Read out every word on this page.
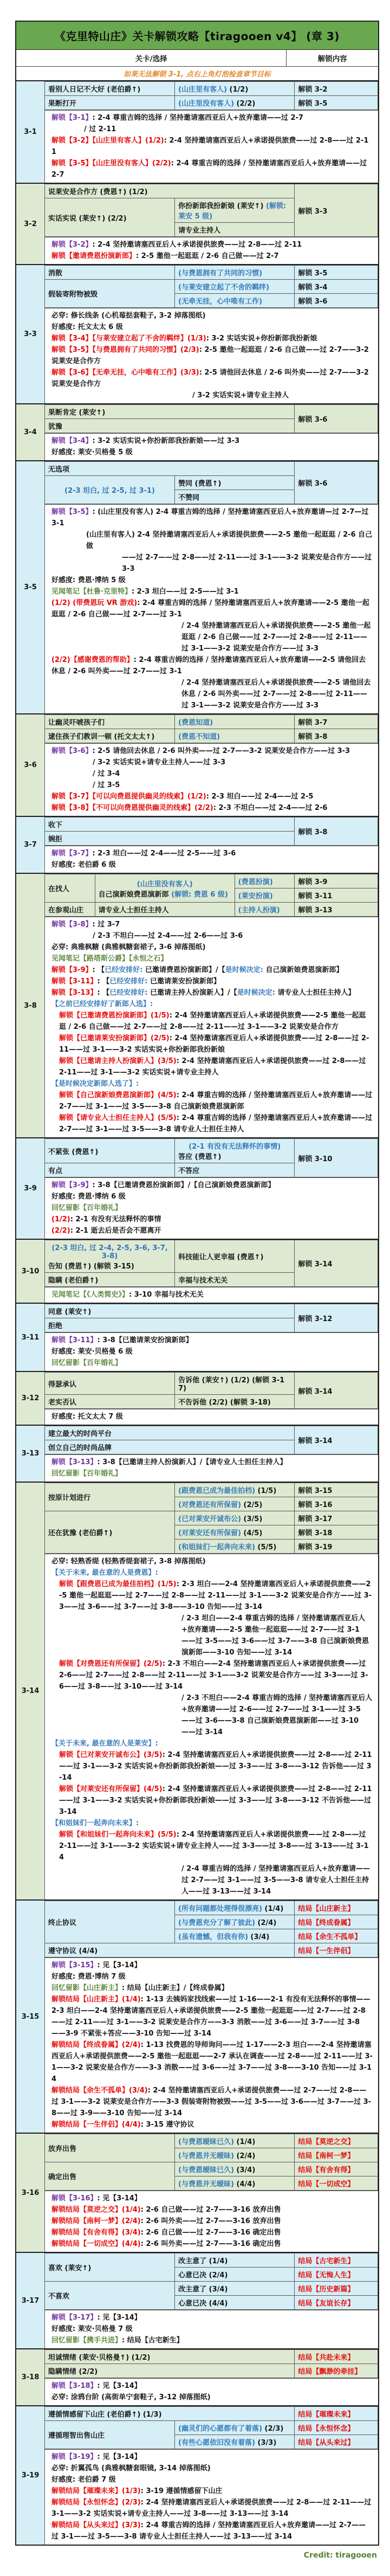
《克里特山庄》关卡解锁攻略【tiragooen v4】 (章 3)
关卡/选择	解锁内容
如果无法解锁 3-1, 点右上角灯泡检查章节目标
3-1
看别人日记不大好 (老伯爵↑)	(山庄里有客人) (1/2)	解锁 3-2
果断打开	(山庄里没有客人) (2/2)	解锁 3-5
解锁【3-1】: 2-4 尊重吉姆的选择 / 坚持邀请塞西亚后人+放弃邀请——过 2-7
/ 过 2-11
解锁【3-2】【山庄里有客人】(1/2): 2-4 坚持邀请塞西亚后人+承诺提供旅费——过 2-8——过 2-11
解锁【3-5】【山庄里没有客人】(2/2): 2-4 尊重吉姆的选择 / 坚持邀请塞西亚后人+放弃邀请——过 2-7
3-2
说莱安是合作方 (费恩↑) (1/2)		解锁 3-3
实话实说 (莱安↑) (2/2)	你扮新郎我扮新娘 (莱安↑) (解锁: 莱安 5 级)	
	请专业主持人	
解锁【3-2】: 2-4 坚持邀请塞西亚后人+承诺提供旅费——过 2-8——过 2-11
解锁【邀请费恩扮演新郎】: 2-5 邀他一起逛逛 / 2-6 自己做——过 2-7
3-3
消散	(与费恩拥有了共同的习惯)	解锁 3-5
假装寄附物被毁	(与莱安建立起了不舍的羁绊)	解锁 3-4
	(无牵无挂，心中唯有工作)	解锁 3-6
必穿: 修长线条 (心机莓挞套鞋子, 3-2 掉落图纸)
好感度: 托文太太 6 级
解锁【3-4】【与莱安建立起了不舍的羁绊】(1/3): 3-2 实话实说+你扮新郎我扮新娘
解锁【3-5】【与费恩拥有了共同的习惯】(2/3): 2-5 邀他一起逛逛 / 2-6 自己做——过 2-7——3-2 说莱安是合作方
解锁【3-6】【无牵无挂，心中唯有工作】(3/3): 2-5 请他回去休息 / 2-6 叫外卖——过 2-7——3-2 说莱安是合作方
/ 3-2 实话实说+请专业主持人
3-4
果断肯定 (莱安↑)	解锁 3-6
犹豫
解锁【3-4】: 3-2 实话实说+你扮新郎我扮新娘——过 3-3
好感度: 莱安·贝格曼 5 级
3-5
无选项		解锁 3-6
(2-3 坦白, 过 2-5, 过 3-1)	赞同 (费恩↑)	
	不赞同	
解锁【3-5】: (山庄里没有客人) 2-4 尊重吉姆的选择 / 坚持邀请塞西亚后人+放弃邀请—过 2-7—过 3-1
(山庄里有客人) 2-4 坚持邀请塞西亚后人+承诺提供旅费——2-5 邀他一起逛逛 / 2-6 自己做
——过 2-7——过 2-8——过 2-11——过 3-1——3-2 说莱安是合作方——过 3-3
好感度: 费恩·博纳 5 级
见闻笔记【杜鲁·克里特】: 2-3 坦白——过 2-5——过 3-1
(1/2) (带费恩玩 VR 游戏): 2-4 尊重吉姆的选择 / 坚持邀请塞西亚后人+放弃邀请——2-5 邀他一起逛逛 / 2-6 自己做——过 2-7——过 3-1
/ 2-4 坚持邀请塞西亚后人+承诺提供旅费——2-5 邀他一起逛逛 / 2-6 自己做——过 2-7——过 2-8——过 2-11——过 3-1——3-2 说莱安是合作方——过 3-3
(2/2)【感谢费恩的帮助】: 2-4 尊重吉姆的选择 / 坚持邀请塞西亚后人+放弃邀请——2-5 请他回去休息 / 2-6 叫外卖——过 2-7——过 3-1
/ 2-4 坚持邀请塞西亚后人+承诺提供旅费——2-5 请他回去休息 / 2-6 叫外卖——过 2-7——过 2-8——过 2-11——过 3-1——3-2 说莱安是合作方——过 3-3
3-6
让幽灵吓唬孩子们	(费恩知道)	解锁 3-7
逮住孩子们教训一顿 (托文太太↑)	(费恩不知道)	解锁 3-8
解锁【3-6】: 2-5 请他回去休息 / 2-6 叫外卖——过 2-7——3-2 说莱安是合作方——过 3-3
/ 3-2 实话实说+请专业主持人——过 3-3
/ 过 3-4
/ 过 3-5
解锁【3-7】【可以向费恩提供幽灵的线索】(1/2): 2-3 坦白——过 2-4——过 2-5
解锁【3-8】【不可以向费恩提供幽灵的线索】(2/2): 2-3 不坦白——过 2-4——过 2-6
3-7
收下	解锁 3-8
婉拒
解锁【3-7】: 2-3 坦白——过 2-4——过 2-5——过 3-6
好感度: 老伯爵 6 级
3-8
在找人	(山庄里没有客人)
自己演新娘费恩演新郎 (解锁: 费恩 6 级)	(费恩扮演)	解锁 3-9
		(莱安扮演)	解锁 3-11
在参观山庄	请专业人士担任主持人	(主持人扮演)	解锁 3-13
解锁【3-8】: 过 3-7
/ 2-3 不坦白——过 2-4——过 2-6——过 3-6
必穿: 典雅枫糖 (典雅枫糖套裙子, 3-6 掉落图纸)
见闻笔记【路塔斯公爵】【永恒之石】
解锁【3-9】: 【已经安排好: 已邀请费恩扮演新郎】/【是时候决定: 自己演新娘费恩演新郎】
解锁【3-11】: 【已经安排好: 已邀请莱安扮演新郎】
解锁【3-13】: 【已经安排好: 已邀请主持人扮演新人】/【是时候决定: 请专业人士担任主持人】
【之前已经安排好了新郎人选】:
解锁【已邀请费恩扮演新郎】(1/5): 2-4 坚持邀请塞西亚后人+承诺提供旅费——2-5 邀他一起逛逛 / 2-6 自己做——过 2-7——过 2-8——过 2-11——过 3-1——3-2 说莱安是合作方
解锁【已邀请莱安扮演新郎】(2/5): 2-4 坚持邀请塞西亚后人+承诺提供旅费——过 2-8——过 2-11——过 3-1——3-2 实话实说+你扮新郎我扮新娘
解锁【已邀请主持人扮演新人】(3/5): 2-4 坚持邀请塞西亚后人+承诺提供旅费——过 2-8——过 2-11——过 3-1——3-2 实话实说+请专业主持人
【是时候决定新郎人选了】:
解锁【自己演新娘费恩演新郎】(4/5): 2-4 尊重吉姆的选择 / 坚持邀请塞西亚后人+放弃邀请——过 2-7——过 3-1——过 3-5——3-8 自己演新娘费恩演新郎
解锁【请专业人士担任主持人】(5/5): 2-4 尊重吉姆的选择 / 坚持邀请塞西亚后人+放弃邀请——过 2-7——过 3-1——过 3-5——3-8 请专业人士担任主持人
3-9
不紧张 (费恩↑)	(2-1 有没有无法释怀的事情)
答应 (费恩↑)	解锁 3-10
有点	不答应	
解锁【3-9】: 3-8【已邀请费恩扮演新郎】/【自己演新娘费恩演新郎】
好感度: 费恩·博纳 6 级
回忆留影【百年婚礼】
(1/2): 2-1 有没有无法释怀的事情
(2/2): 2-1 逝去后是否会不愿离开
3-10
(2-3 坦白, 过 2-4, 2-5, 3-6, 3-7, 3-8)
告知 (费恩↑) (解锁 3-15)	科技能让人更幸福 (费恩↑)	解锁 3-14
隐瞒 (老伯爵↑)	幸福与技术无关	
见闻笔记【《人类简史》】: 3-10 幸福与技术无关
3-11
同意 (莱安↑)	解锁 3-12
拒绝
解锁【3-11】: 3-8【已邀请莱安扮演新郎】
好感度: 莱安·贝格曼 6 级
回忆留影【百年婚礼】
3-12
得瑟承认	告诉他 (莱安↑) (1/2) (解锁 3-17)	解锁 3-14
老实否认	不告诉他 (2/2) (解锁 3-18)	
好感度: 托文太太 7 级
3-13
建立最大的时尚平台	解锁 3-14
创立自己的时尚品牌
解锁【3-13】: 3-8【已邀请主持人扮演新人】/【请专业人士担任主持人】
回忆留影【百年婚礼】
3-14
按原计划进行	(跟费恩已成为最佳拍档) (1/5)	解锁 3-15
	(对费恩还有所保留) (2/5)	解锁 3-16
还在犹豫 (老伯爵↑)	(已对莱安开诚布公) (3/5)	解锁 3-17
	(对莱安还有所保留) (4/5)	解锁 3-18
	(和姐妹们一起奔向未来) (5/5)	解锁 3-19
必穿: 轻熟香缇 (轻熟香缇套裙子, 3-8 掉落图纸)
【关于未来, 最在意的人是费恩】:
解锁【跟费恩已成为最佳拍档】(1/5): 2-3 坦白——2-4 坚持邀请塞西亚后人+承诺提供旅费——2-5 邀他一起逛逛——过 2-7——过 2-8——过 2-11——过 3-1——3-2 说莱安是合作方——过 3-3——过 3-6——过 3-7——过 3-8——3-10 告知——过 3-14
/ 2-3 坦白——2-4 尊重吉姆的选择 / 坚持邀请塞西亚后人+放弃邀请——2-5 邀他一起逛逛——过 2-7——过 3-1——过 3-5——过 3-6——过 3-7——3-8 自己演新娘费恩演新郎——3-10 告知——过 3-14
解锁【对费恩还有所保留】(2/5): 2-3 不坦白——2-4 坚持邀请塞西亚后人+承诺提供旅费——过 2-6——过 2-7——过 2-8——过 2-11——过 3-1——3-2 说莱安是合作方——过 3-3——过 3-6——过 3-8——过 3-10——过 3-14
/ 2-3 不坦白——2-4 尊重吉姆的选择 / 坚持邀请塞西亚后人+放弃邀请——过 2-6——过 2-7——过 3-1——过 3-5——过 3-6——3-8 自己演新娘费恩演新郎——过 3-10——过 3-14
【关于未来, 最在意的人是莱安】:
解锁【已对莱安开诚布公】(3/5): 2-4 坚持邀请塞西亚后人+承诺提供旅费——过 2-8——过 2-11——过 3-1——3-2 实话实说+你扮新郎我扮新娘——过 3-3——过 3-8——3-12 告诉他——过 3-14
解锁【对莱安还有所保留】(4/5): 2-4 坚持邀请塞西亚后人+承诺提供旅费——过 2-8——过 2-11——过 3-1——3-2 实话实说+你扮新郎我扮新娘——过 3-3——过 3-8——3-12 不告诉他——过 3-14
【和姐妹们一起奔向未来】:
解锁【和姐妹们一起奔向未来】(5/5): 2-4 坚持邀请塞西亚后人+承诺提供旅费——过 2-8——过 2-11——过 3-1——3-2 实话实说+请专业主持人——过 3-3——过 3-8——过 3-13——过 3-14
/ 2-4 尊重吉姆的选择 / 坚持邀请塞西亚后人+放弃邀请——过 2-7——过 3-1——过 3-5——3-8 请专业人士担任主持人——过 3-13——过 3-14
3-15
终止协议	(所有问题都处理得很漂亮) (1/4)	结局【山庄新主】
	(与费恩充分了解了彼此) (2/4)	结局【终成眷属】
	(虽有遗憾，但我有你) (3/4)	结局【余生不孤单】
遵守协议 (4/4)		结局【一生伴侣】
解锁【3-15】: 见【3-14】
好感度: 费恩·博纳 7 级
回忆留影【山庄新主】: 结局【山庄新主】/【终成眷属】
解锁结局【山庄新主】(1/4): 1-13 去姨妈家找线索——过 1-16——2-1 有没有无法释怀的事情——2-3 坦白——2-4 坚持邀请塞西亚后人+承诺提供旅费——2-5 邀他一起逛逛——过 2-7——过 2-8——过 2-11——过 3-1——3-2 说莱安是合作方——3-3 消散——过 3-6——过 3-7——过 3-8——3-9 不紧张+答应——3-10 告知——过 3-14
解锁结局【终成眷属】(2/4): 1-13 找费恩的导师询问——过 1-17——2-3 坦白——2-4 坚持邀请塞西亚后人+承诺提供旅费——2-5 邀他一起逛逛——2-7 承认在调查——过 2-8——过 2-11——过 3-1——3-2 说莱安是合作方——3-3 消散——过 3-6——过 3-7——过 3-8——3-10 告知——过 3-14
解锁结局【余生不孤单】(3/4): 2-4 坚持邀请塞西亚后人+承诺提供旅费——过 2-7——过 2-8——过 3-1——3-2 说莱安是合作方——3-3 假装寄附物被毁——过 3-5——过 3-6——过 3-7——过 3-8——过 3-9——3-10 告知——过 3-14
解锁结局【一生伴侣】(4/4): 3-15 遵守协议
3-16
放弃出售	(与费恩暧昧已久) (1/4)	结局【莫逆之交】
	(与费恩并无暧昧) (2/4)	结局【南柯一梦】
确定出售	(与费恩暧昧已久) (3/4)	结局【有舍有得】
	(与费恩并无暧昧) (4/4)	结局【一切成空】
解锁【3-16】: 见【3-14】
解锁结局【莫逆之交】(1/4): 2-6 自己做——过 2-7——3-16 放弃出售
解锁结局【南柯一梦】(2/4): 2-6 叫外卖——过 2-7——3-16 放弃出售
解锁结局【有舍有得】(3/4): 2-6 自己做——过 2-7——3-16 确定出售
解锁结局【一切成空】(4/4): 2-6 叫外卖——过 2-7——3-16 确定出售
3-17
喜欢 (莱安↑)	改主意了 (1/4)	结局【古宅新生】
	心意已决 (2/4)	结局【无悔人生】
不喜欢	改主意了 (3/4)	结局【历史新篇】
	心意已决 (4/4)	结局【友谊长存】
解锁【3-17】: 见【3-14】
好感度: 莱安·贝格曼 7 级
回忆留影【携手共进】: 结局【古宅新生】
3-18
坦诚情绪 (莱安·贝格曼↑) (1/2)	结局【共赴未来】
隐瞒情绪 (2/2)	结局【飘渺的牵挂】
解锁【3-18】: 见【3-14】
必穿: 涂鸦台阶 (高街单宁套鞋子, 3-12 掉落图纸)
3-19
遵循情感留下山庄 (老伯爵↑) (1/3)		结局【璀璨未来】
遵循理智出售山庄	(幽灵们的心愿都有了着落) (2/3)	结局【永恒怀念】
	(有些心愿依旧没有着落) (3/3)	结局【从头来过】
解锁【3-19】: 见【3-14】
必穿: 折翼孤鸟 (典雅枫糖套眼镜, 3-14 掉落图纸)
好感度: 老伯爵 7 级
解锁结局【璀璨未来】(1/3): 3-19 遵循情感留下山庄
解锁结局【永恒怀念】(2/3): 2-4 坚持邀请塞西亚后人+承诺提供旅费——过 2-8——过 2-11——过 3-1——3-2 实话实说+请专业主持人——过 3-8——过 3-13——过 3-14
解锁结局【从头来过】(3/3): 2-4 尊重吉姆的选择 / 坚持邀请塞西亚后人+放弃邀请——过 2-7——过 3-1——过 3-5——3-8 请专业人士担任主持人——过 3-13——过 3-14
Credit: tiragooen
